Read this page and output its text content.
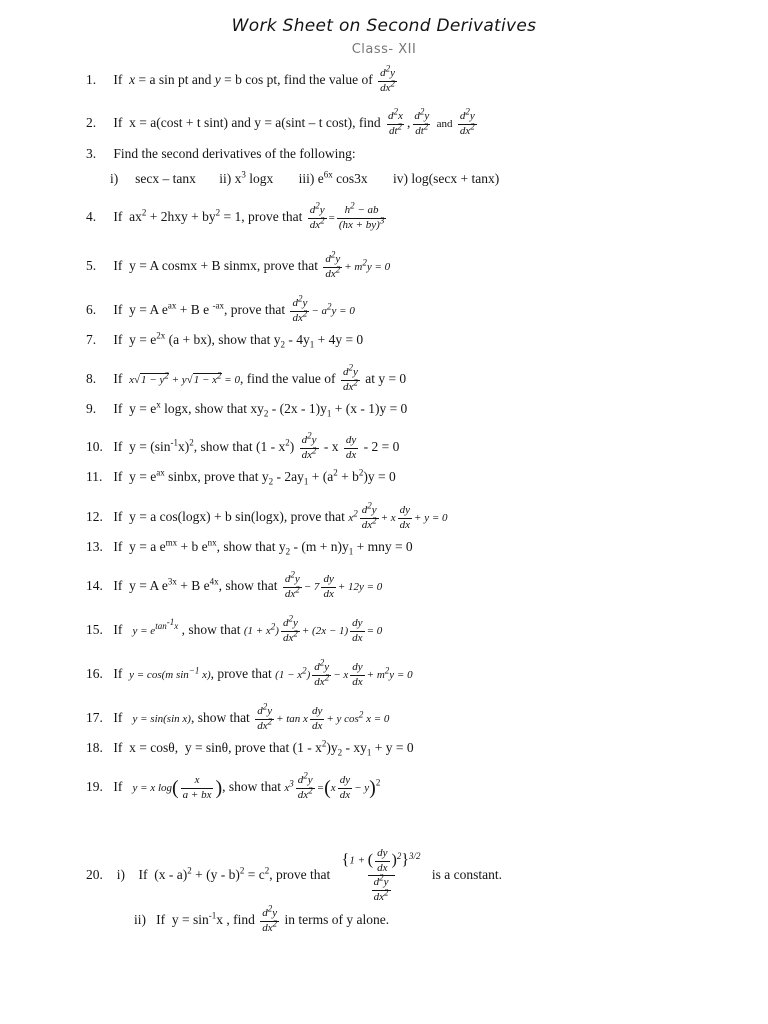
Work Sheet on Second Derivatives
Class- XII
1. If  x = a sin pt and y = b cos pt, find the value of $\frac{d^2y}{dx^2}$
2. If  x = a(cost + t sint) and y = a(sint – t cost), find $\frac{d^2x}{dt^2}$ , $\frac{d^2y}{dt^2}$ and $\frac{d^2y}{dx^2}$
3. Find the second derivatives of the following:
i)     secx – tanx ii) $x^3$ logx iii) $e^{6x}$ cos3x iv) log(secx + tanx)
4. If  $ax^2 + 2hxy + by^2 = 1$, prove that $\frac{d^2y}{dx^2} = \frac{h^2 - ab}{(hx + by)^3}$
5. If  y = A cosmx + B sinmx, prove that $\frac{d^2y}{dx^2} + m^2y = 0$
6. If  y = A $e^{ax} + B$ e $^{-ax}$, prove that $\frac{d^2y}{dx^2} - a^2y = 0$
7. If  $y = e^{2x}$ (a + bx), show that $y_2 - 4y_1 + 4y = 0$
8. If  $x√1 - y^2 + y√1 - x^2 = 0$, find the value of $\frac{d^2y}{dx^2}$ at y = 0
9. If  $y = e^x$ logx, show that $xy_2 - (2x - 1)y_1 + (x - 1)y = 0$
10. If  $y = (\sin^{-1}x)^2$, show that $(1 - x^2) \frac{d^2y}{dx^2} - x \frac{dy}{dx} - 2 = 0$
11. If  $y = e^{ax}$ sinbx, prove that $y_2 - 2ay_1 + (a^2 + b^2)y = 0$
12. If  y = a cos(logx) + b sin(logx), prove that $x^2 \frac{d^2y}{dx^2} + x \frac{dy}{dx} + y = 0$
13. If  y = a $e^{mx} + b$ $e^{nx}$, show that $y_2 - (m + n)y_1$ + mny = 0
14. If  y = A $e^{3x} + B$ $e^{4x}$, show that $\frac{d^2y}{dx^2} - 7 \frac{dy}{dx} + 12y = 0$
15. If   $y = e^{tan^{-1}x}$ , show that $(1 + x^2) \frac{d^2y}{dx^2} + (2x - 1) \frac{dy}{dx} = 0$
16. If  y = cos(m $\sin^{-1} x$), prove that $(1 - x^2) \frac{d^2y}{dx^2} - x \frac{dy}{dx} + m^2y = 0$
17. If   y = sin(sin x), show that $\frac{d^2y}{dx^2} + \tan x \frac{dy}{dx} + y$ $\cos^2 x = 0$
18. If  x = cosθ,  y = sinθ, prove that $(1 - x^2)y_2 - xy_1 + y = 0$
19. If   y = x $\log( \frac{x}{a + bx}$ ), show that $x^3 \frac{d^2y}{dx^2} =(x \frac{dy}{dx} - y)^2$
20.  i)    If  $(x - a)^2 + (y - b)^2 = c^2$, prove that $\frac{\{1 + ( \frac{dy}{dx} )^2\}^{3/2}}{\frac{d^2y}{dx^2}}$ is a constant.
ii)   If  $y = \sin^{-1}x$ , find $\frac{d^2y}{dx^2}$ in terms of y alone.
